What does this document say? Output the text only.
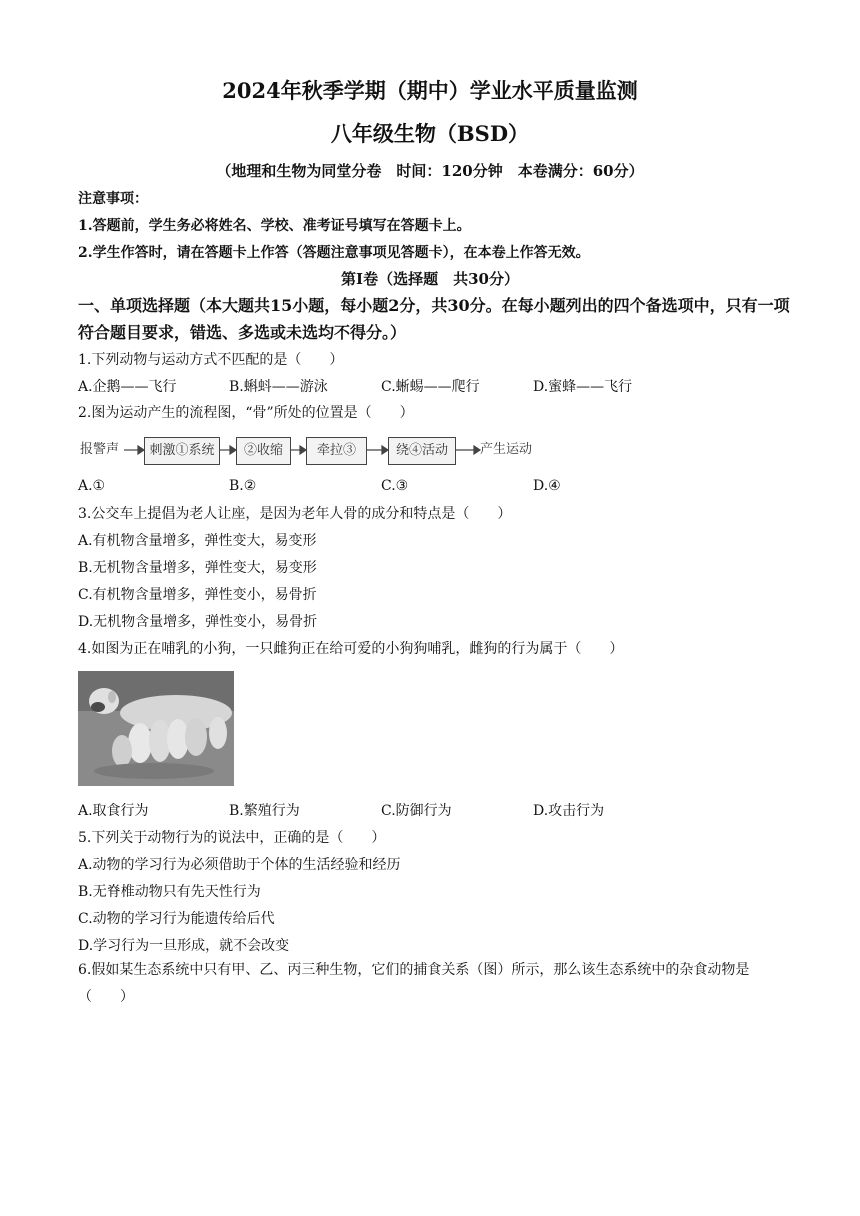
2024年秋季学期（期中）学业水平质量监测
八年级生物（BSD）
（地理和生物为同堂分卷　时间：120分钟　本卷满分：60分）
注意事项：
1.答题前，学生务必将姓名、学校、准考证号填写在答题卡上。
2.学生作答时，请在答题卡上作答（答题注意事项见答题卡），在本卷上作答无效。
第Ⅰ卷（选择题　共30分）
一、单项选择题（本大题共15小题，每小题2分，共30分。在每小题列出的四个备选项中，只有一项符合题目要求，错选、多选或未选均不得分。）
1.下列动物与运动方式不匹配的是（　　）
A.企鹅——飞行	B.蝌蚪——游泳	C.蜥蜴——爬行	D.蜜蜂——飞行
2.图为运动产生的流程图，“骨”所处的位置是（　　）
报警声	刺激①系统	②收缩	牵拉③	绕④活动	产生运动
A.①	B.②	C.③	D.④
3.公交车上提倡为老人让座，是因为老年人骨的成分和特点是（　　）
A.有机物含量增多，弹性变大，易变形
B.无机物含量增多，弹性变大，易变形
C.有机物含量增多，弹性变小，易骨折
D.无机物含量增多，弹性变小，易骨折
4.如图为正在哺乳的小狗，一只雌狗正在给可爱的小狗狗哺乳，雌狗的行为属于（　　）
A.取食行为	B.繁殖行为	C.防御行为	D.攻击行为
5.下列关于动物行为的说法中，正确的是（　　）
A.动物的学习行为必须借助于个体的生活经验和经历
B.无脊椎动物只有先天性行为
C.动物的学习行为能遗传给后代
D.学习行为一旦形成，就不会改变
6.假如某生态系统中只有甲、乙、丙三种生物，它们的捕食关系（图）所示，那么该生态系统中的杂食动物是（　　）
